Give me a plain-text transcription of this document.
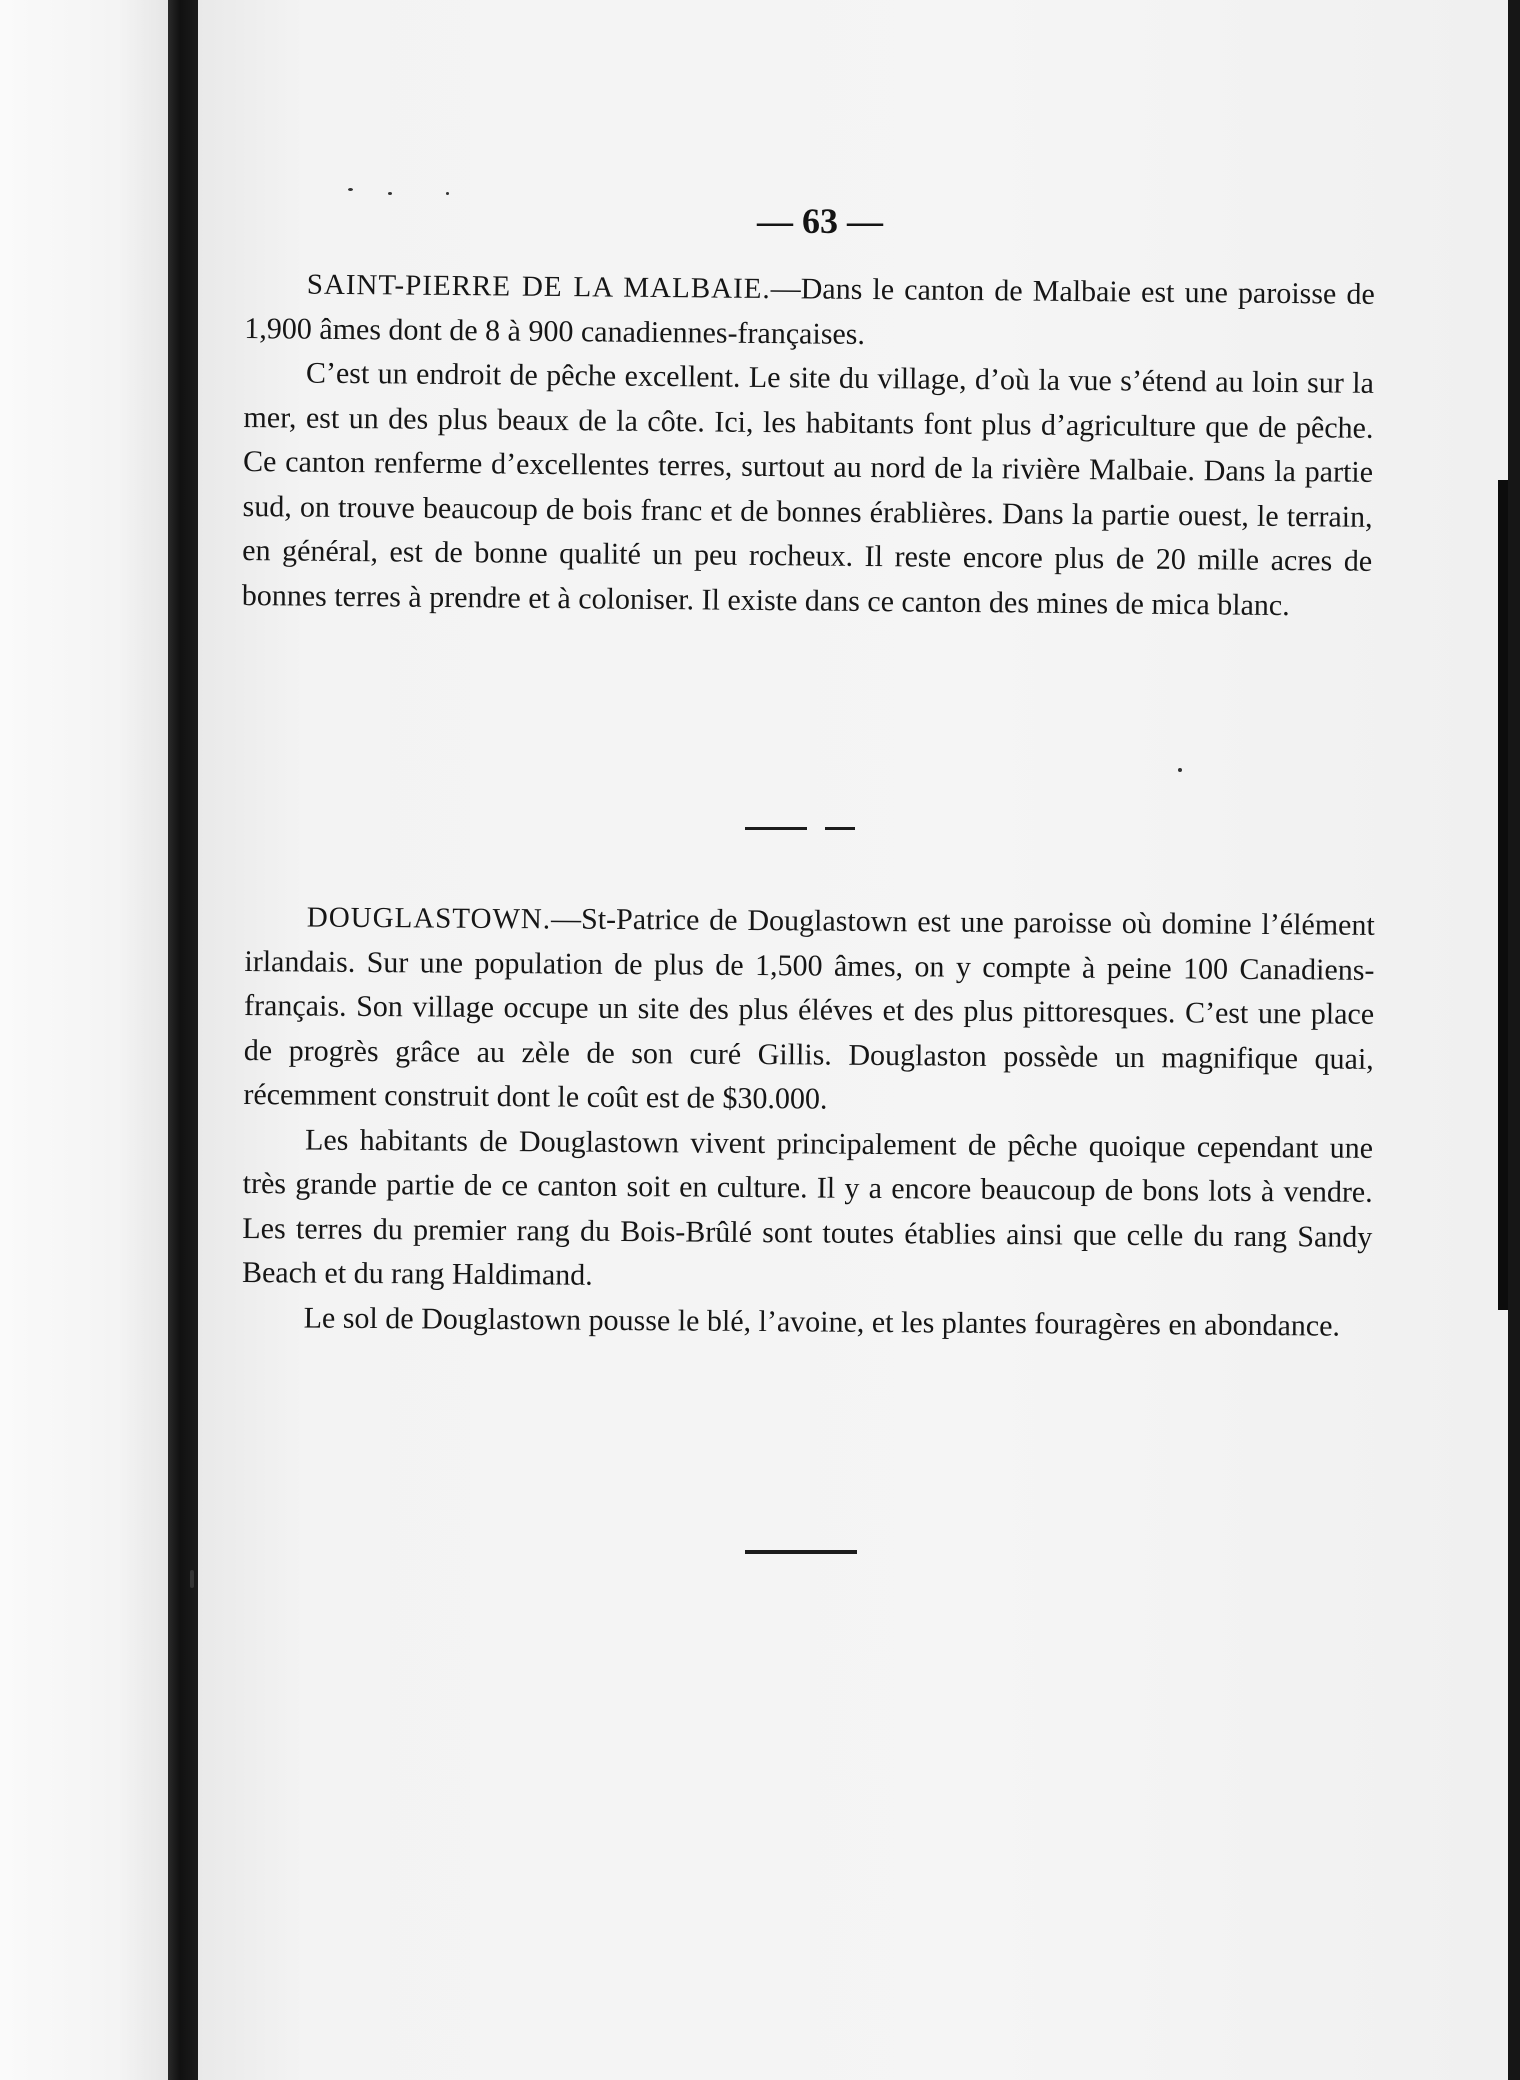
— 63 —

SAINT-PIERRE DE LA MALBAIE.—Dans le canton de Malbaie est une paroisse de 1,900 âmes dont de 8 à 900 canadiennes-françaises.

C’est un endroit de pêche excellent. Le site du village, d’où la vue s’étend au loin sur la mer, est un des plus beaux de la côte. Ici, les habitants font plus d’agriculture que de pêche. Ce canton renferme d’excellentes terres, surtout au nord de la rivière Malbaie. Dans la partie sud, on trouve beaucoup de bois franc et de bonnes érablières. Dans la partie ouest, le terrain, en général, est de bonne qualité un peu rocheux. Il reste encore plus de 20 mille acres de bonnes terres à prendre et à coloniser. Il existe dans ce canton des mines de mica blanc.

DOUGLASTOWN.—St-Patrice de Douglastown est une paroisse où domine l’élément irlandais. Sur une population de plus de 1,500 âmes, on y compte à peine 100 Canadiens-français. Son village occupe un site des plus éléves et des plus pittoresques. C’est une place de progrès grâce au zèle de son curé Gillis. Douglaston possède un magnifique quai, récemment construit dont le coût est de $30.000.

Les habitants de Douglastown vivent principalement de pêche quoique cependant une très grande partie de ce canton soit en culture. Il y a encore beaucoup de bons lots à vendre. Les terres du premier rang du Bois-Brûlé sont toutes établies ainsi que celle du rang Sandy Beach et du rang Haldimand.

Le sol de Douglastown pousse le blé, l’avoine, et les plantes fouragères en abondance.
